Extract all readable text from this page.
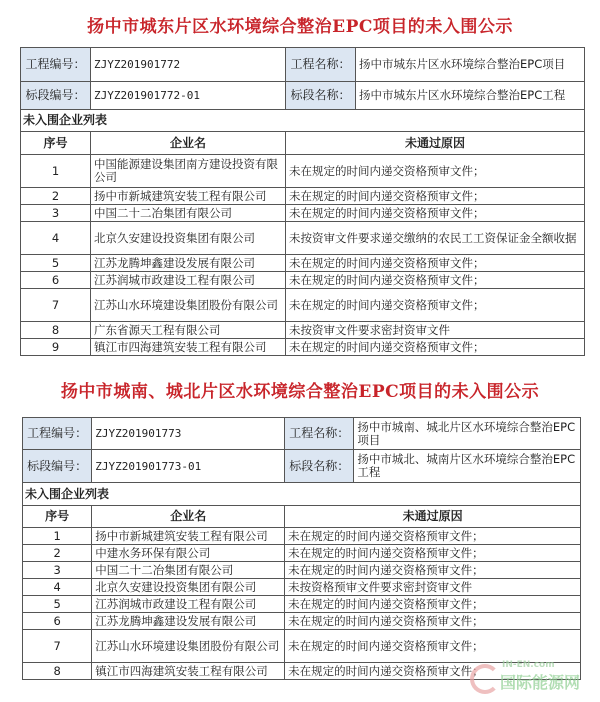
扬中市城东片区水环境综合整治EPC项目的未入围公示
工程编号：	ZJYZ201901772	工程名称：	扬中市城东片区水环境综合整治EPC项目
标段编号：	ZJYZ201901772-01	标段名称：	扬中市城东片区水环境综合整治EPC工程
未入围企业列表			
序号	企业名	未通过原因	
1	中国能源建设集团南方建设投资有限公司	未在规定的时间内递交资格预审文件；	
2	扬中市新城建筑安装工程有限公司	未在规定的时间内递交资格预审文件；	
3	中国二十二冶集团有限公司	未在规定的时间内递交资格预审文件；	
4	北京久安建设投资集团有限公司	未按资审文件要求递交缴纳的农民工工资保证金全额收据	
5	江苏龙腾坤鑫建设发展有限公司	未在规定的时间内递交资格预审文件；	
6	江苏润城市政建设工程有限公司	未在规定的时间内递交资格预审文件；	
7	江苏山水环境建设集团股份有限公司	未在规定的时间内递交资格预审文件；	
8	广东省源天工程有限公司	未按资审文件要求密封资审文件	
9	镇江市四海建筑安装工程有限公司	未在规定的时间内递交资格预审文件；	
扬中市城南、城北片区水环境综合整治EPC项目的未入围公示
工程编号：	ZJYZ201901773	工程名称：	扬中市城南、城北片区水环境综合整治EPC项目
标段编号：	ZJYZ201901773-01	标段名称：	扬中市城北、城南片区水环境综合整治EPC工程
未入围企业列表			
序号	企业名	未通过原因	
1	扬中市新城建筑安装工程有限公司	未在规定的时间内递交资格预审文件；	
2	中建水务环保有限公司	未在规定的时间内递交资格预审文件；	
3	中国二十二冶集团有限公司	未在规定的时间内递交资格预审文件；	
4	北京久安建设投资集团有限公司	未按资格预审文件要求密封资审文件	
5	江苏润城市政建设工程有限公司	未在规定的时间内递交资格预审文件；	
6	江苏龙腾坤鑫建设发展有限公司	未在规定的时间内递交资格预审文件；	
7	江苏山水环境建设集团股份有限公司	未在规定的时间内递交资格预审文件；	
8	镇江市四海建筑安装工程有限公司	未在规定的时间内递交资格预审文件；	IN-EN.com
国际能源网
